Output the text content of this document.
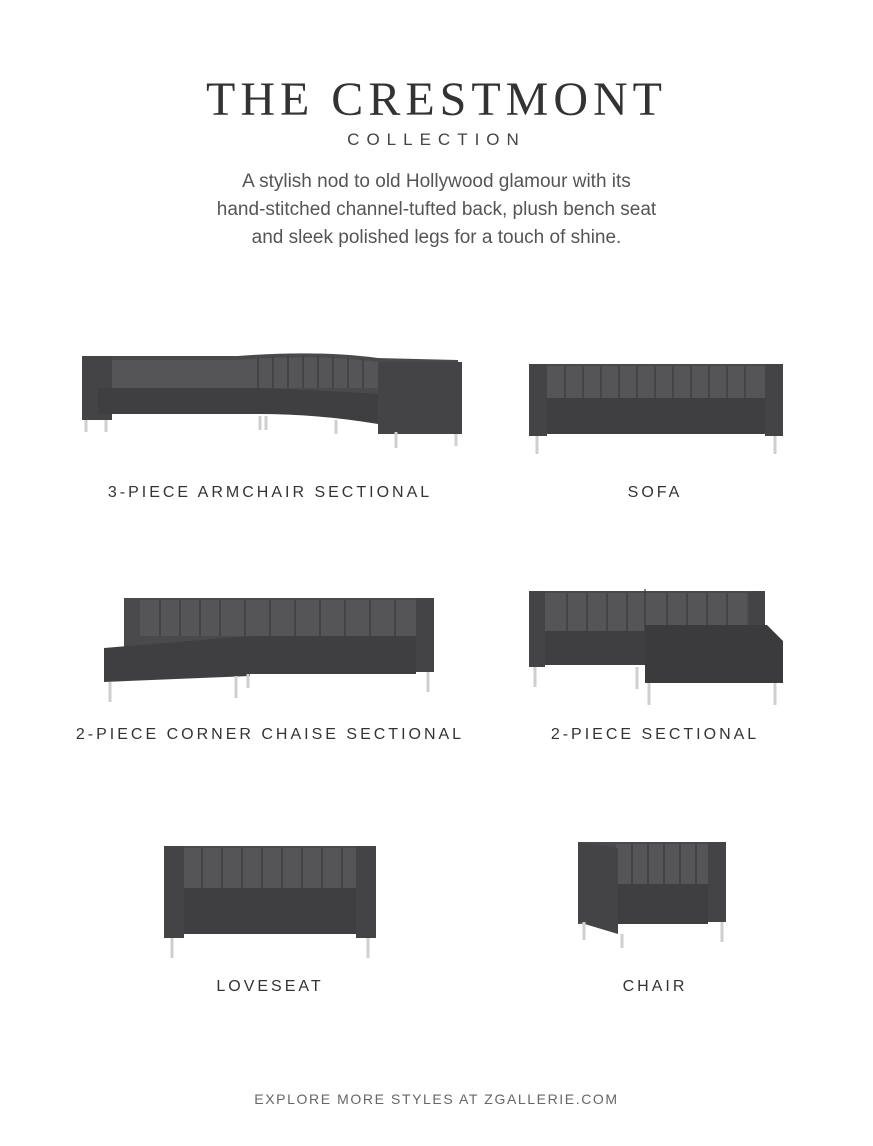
THE CRESTMONT
COLLECTION
A stylish nod to old Hollywood glamour with its
hand-stitched channel-tufted back, plush bench seat
and sleek polished legs for a touch of shine.
3-PIECE ARMCHAIR SECTIONAL	SOFA
2-PIECE CORNER CHAISE SECTIONAL	2-PIECE SECTIONAL
LOVESEAT	CHAIR
EXPLORE MORE STYLES AT ZGALLERIE.COM
